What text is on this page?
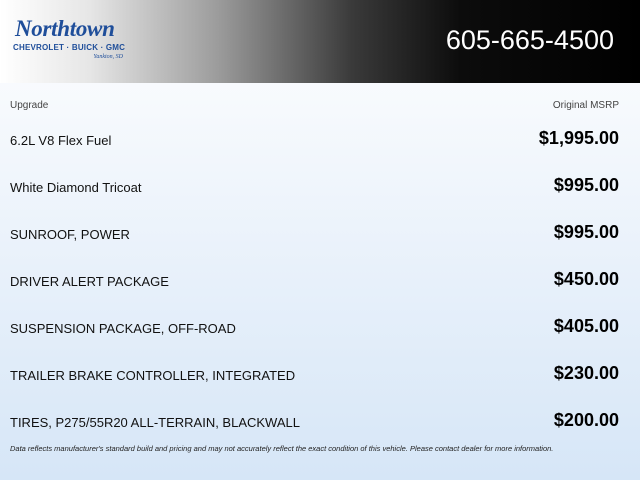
Northtown
CHEVROLET · BUICK · GMC
Yankton, SD
605-665-4500
Upgrade	Original MSRP
6.2L V8 Flex Fuel	$1,995.00
White Diamond Tricoat	$995.00
SUNROOF, POWER	$995.00
DRIVER ALERT PACKAGE	$450.00
SUSPENSION PACKAGE, OFF-ROAD	$405.00
TRAILER BRAKE CONTROLLER, INTEGRATED	$230.00
TIRES, P275/55R20 ALL-TERRAIN, BLACKWALL	$200.00
Data reflects manufacturer's standard build and pricing and may not accurately reflect the exact condition of this vehicle. Please contact dealer for more information.
